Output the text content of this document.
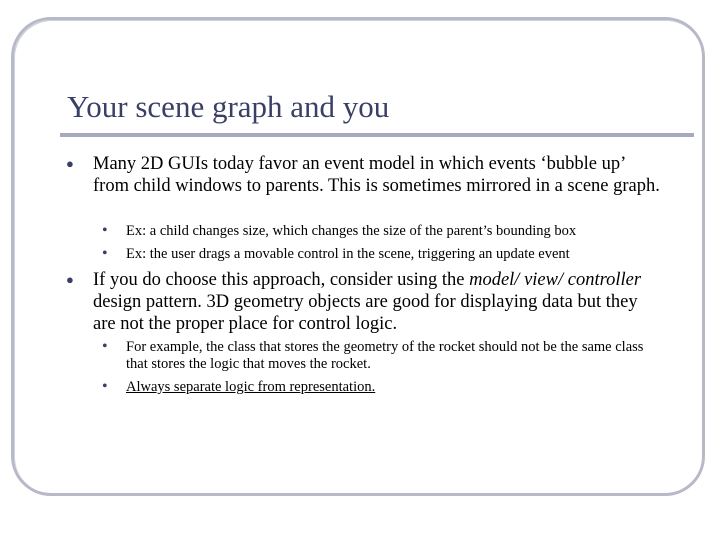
Your scene graph and you
● Many 2D GUIs today favor an event model in which events ‘bubble up’ from child windows to parents. This is sometimes mirrored in a scene graph.
• Ex: a child changes size, which changes the size of the parent’s bounding box
• Ex: the user drags a movable control in the scene, triggering an update event
● If you do choose this approach, consider using the model/ view/ controller design pattern. 3D geometry objects are good for displaying data but they are not the proper place for control logic.
• For example, the class that stores the geometry of the rocket should not be the same class that stores the logic that moves the rocket.
• Always separate logic from representation.
